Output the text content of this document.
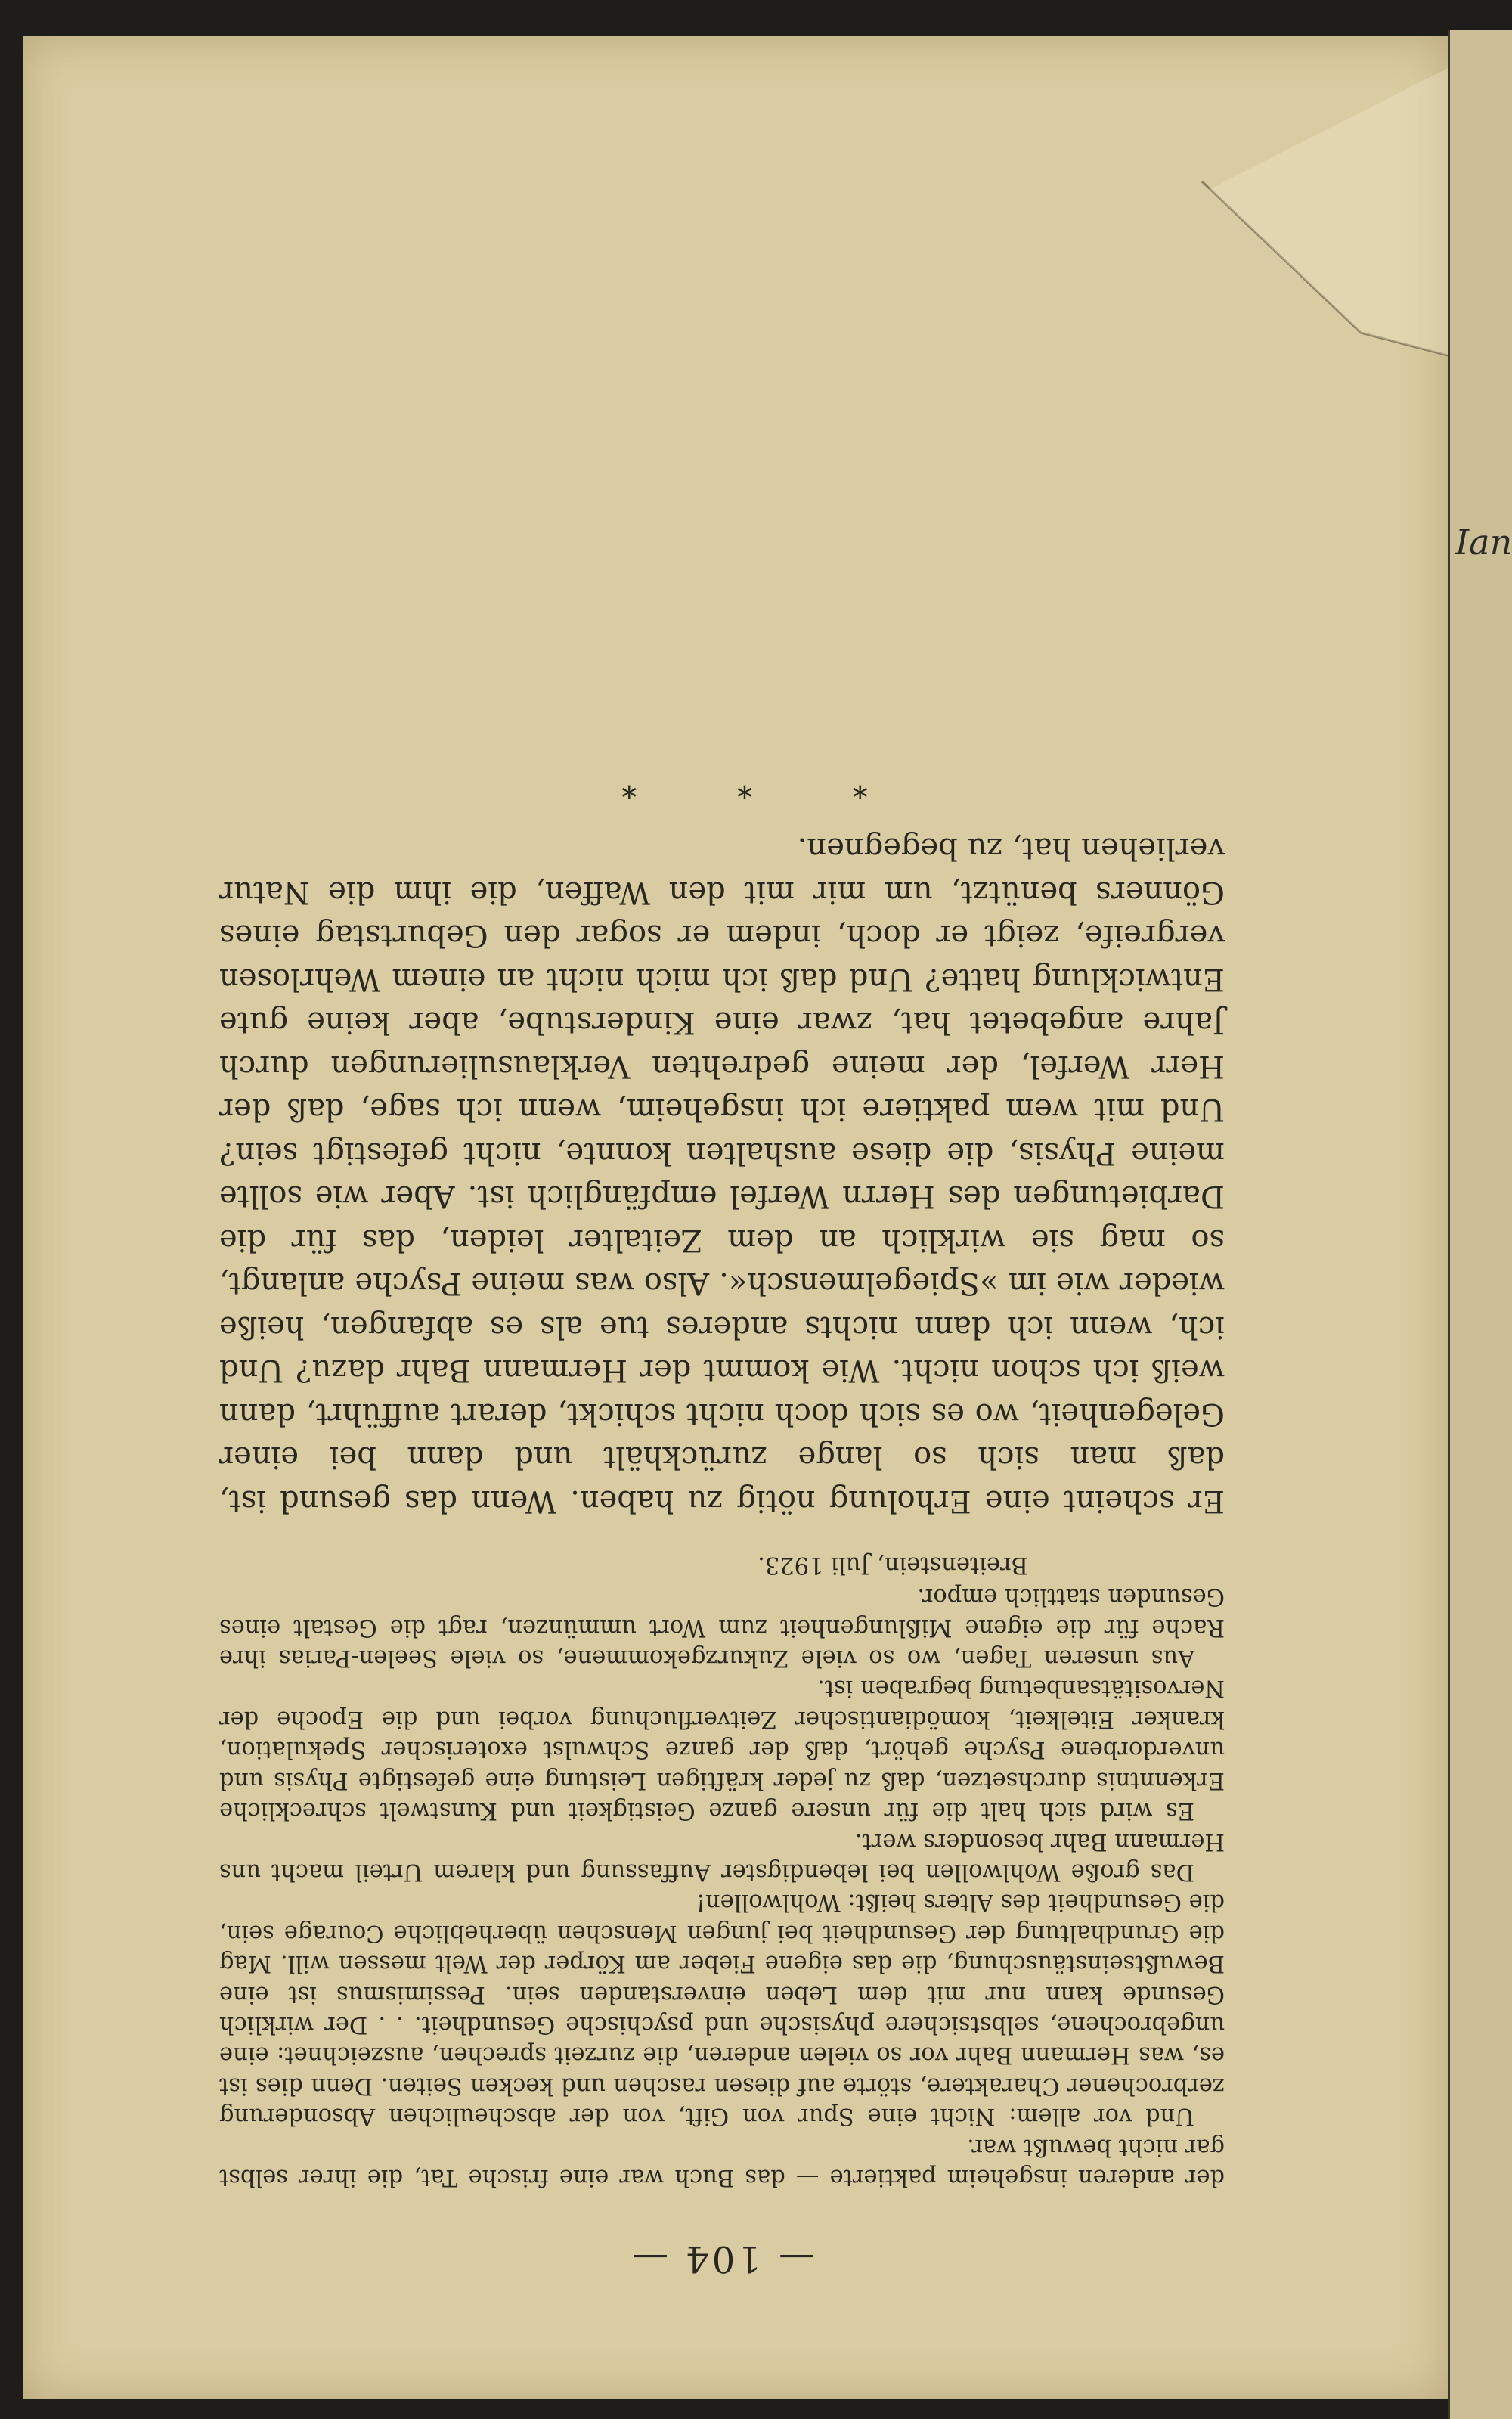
Ian
— 104 —

der anderen insgeheim paktierte — das Buch war eine frische Tat, die ihrer selbst gar nicht bewußt war.

Und vor allem: Nicht eine Spur von Gift, von der abscheulichen Absonderung zerbrochener Charaktere, störte auf diesen raschen und kecken Seiten. Denn dies ist es, was Hermann Bahr vor so vielen anderen, die zurzeit sprechen, auszeichnet: eine ungebrochene, selbstsichere physische und psychische Gesundheit. . . Der wirklich Gesunde kann nur mit dem Leben einverstanden sein. Pessimismus ist eine Bewußtseinstäuschung, die das eigene Fieber am Körper der Welt messen will. Mag die Grundhaltung der Gesundheit bei jungen Menschen überhebliche Courage sein, die Gesundheit des Alters heißt: Wohlwollen!

Das große Wohlwollen bei lebendigster Auffassung und klarem Urteil macht uns Hermann Bahr besonders wert.

Es wird sich halt die für unsere ganze Geistigkeit und Kunstwelt schreckliche Erkenntnis durchsetzen, daß zu jeder kräftigen Leistung eine gefestigte Physis und unverdorbene Psyche gehört, daß der ganze Schwulst exoterischer Spekulation, kranker Eitelkeit, komödiantischer Zeitverfluchung vorbei und die Epoche der Nervositätsanbetung begraben ist.

Aus unseren Tagen, wo so viele Zukurzgekommene, so viele Seelen-Parias ihre Rache für die eigene Mißlungenheit zum Wort ummünzen, ragt die Gestalt eines Gesunden stattlich empor.

Breitenstein, Juli 1923.

Er scheint eine Erholung nötig zu haben. Wenn das gesund ist, daß man sich so lange zurückhält und dann bei einer Gelegenheit, wo es sich doch nicht schickt, derart aufführt, dann weiß ich schon nicht. Wie kommt der Hermann Bahr dazu? Und ich, wenn ich dann nichts anderes tue als es abfangen, heiße wieder wie im »Spiegelmensch«. Also was meine Psyche anlangt, so mag sie wirklich an dem Zeitalter leiden, das für die Darbietungen des Herrn Werfel empfänglich ist. Aber wie sollte meine Physis, die diese aushalten konnte, nicht gefestigt sein? Und mit wem paktiere ich insgeheim, wenn ich sage, daß der Herr Werfel, der meine gedrehten Verklausulierungen durch Jahre angebetet hat, zwar eine Kinderstube, aber keine gute Entwicklung hatte? Und daß ich mich nicht an einem Wehrlosen vergreife, zeigt er doch, indem er sogar den Geburtstag eines Gönners benützt, um mir mit den Waffen, die ihm die Natur verliehen hat, zu begegnen.

* * *
